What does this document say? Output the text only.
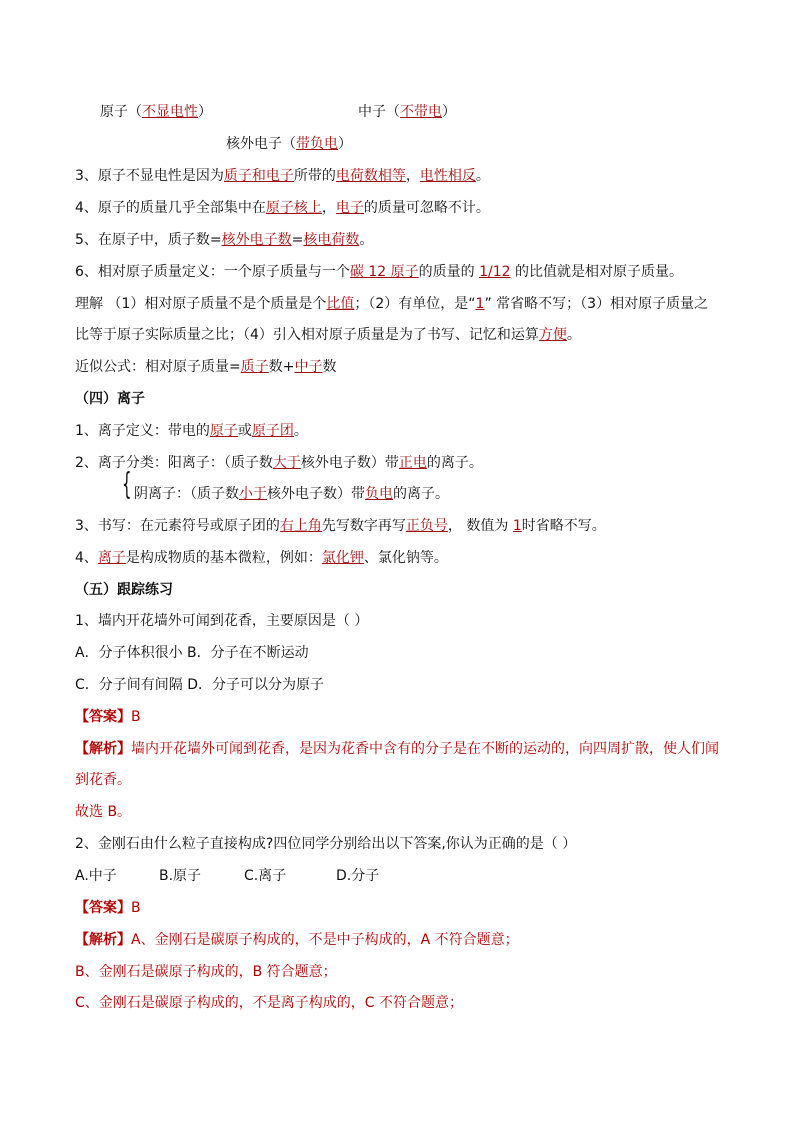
原子（不显电性）	中子（不带电）
核外电子（带负电）
3、原子不显电性是因为质子和电子所带的电荷数相等，电性相反。
4、原子的质量几乎全部集中在原子核上，电子的质量可忽略不计。
5、在原子中，质子数=核外电子数=核电荷数。
6、相对原子质量定义：一个原子质量与一个碳 12 原子的质量的 1/12 的比值就是相对原子质量。
理解 （1）相对原子质量不是个质量是个比值；（2）有单位，是“1” 常省略不写；（3）相对原子质量之
比等于原子实际质量之比；（4）引入相对原子质量是为了书写、记忆和运算方便。
近似公式：相对原子质量=质子数+中子数
（四）离子
1、离子定义：带电的原子或原子团。
2、离子分类：阳离子：（质子数大于核外电子数）带正电的离子。
{ 阴离子：（质子数小于核外电子数）带负电的离子。
3、书写：在元素符号或原子团的右上角先写数字再写正负号， 数值为 1时省略不写。
4、离子是构成物质的基本微粒，例如：氯化钾、氯化钠等。
（五）跟踪练习
1、墙内开花墙外可闻到花香，主要原因是（ ）
A．分子体积很小 B．分子在不断运动
C．分子间有间隔 D．分子可以分为原子
【答案】B
【解析】墙内开花墙外可闻到花香，是因为花香中含有的分子是在不断的运动的，向四周扩散，使人们闻
到花香。
故选 B。
2、金刚石由什么粒子直接构成?四位同学分别给出以下答案,你认为正确的是（ ）
A.中子	B.原子	C.离子	D.分子
【答案】B
【解析】A、金刚石是碳原子构成的，不是中子构成的，A 不符合题意；
B、金刚石是碳原子构成的，B 符合题意；
C、金刚石是碳原子构成的，不是离子构成的，C 不符合题意；
